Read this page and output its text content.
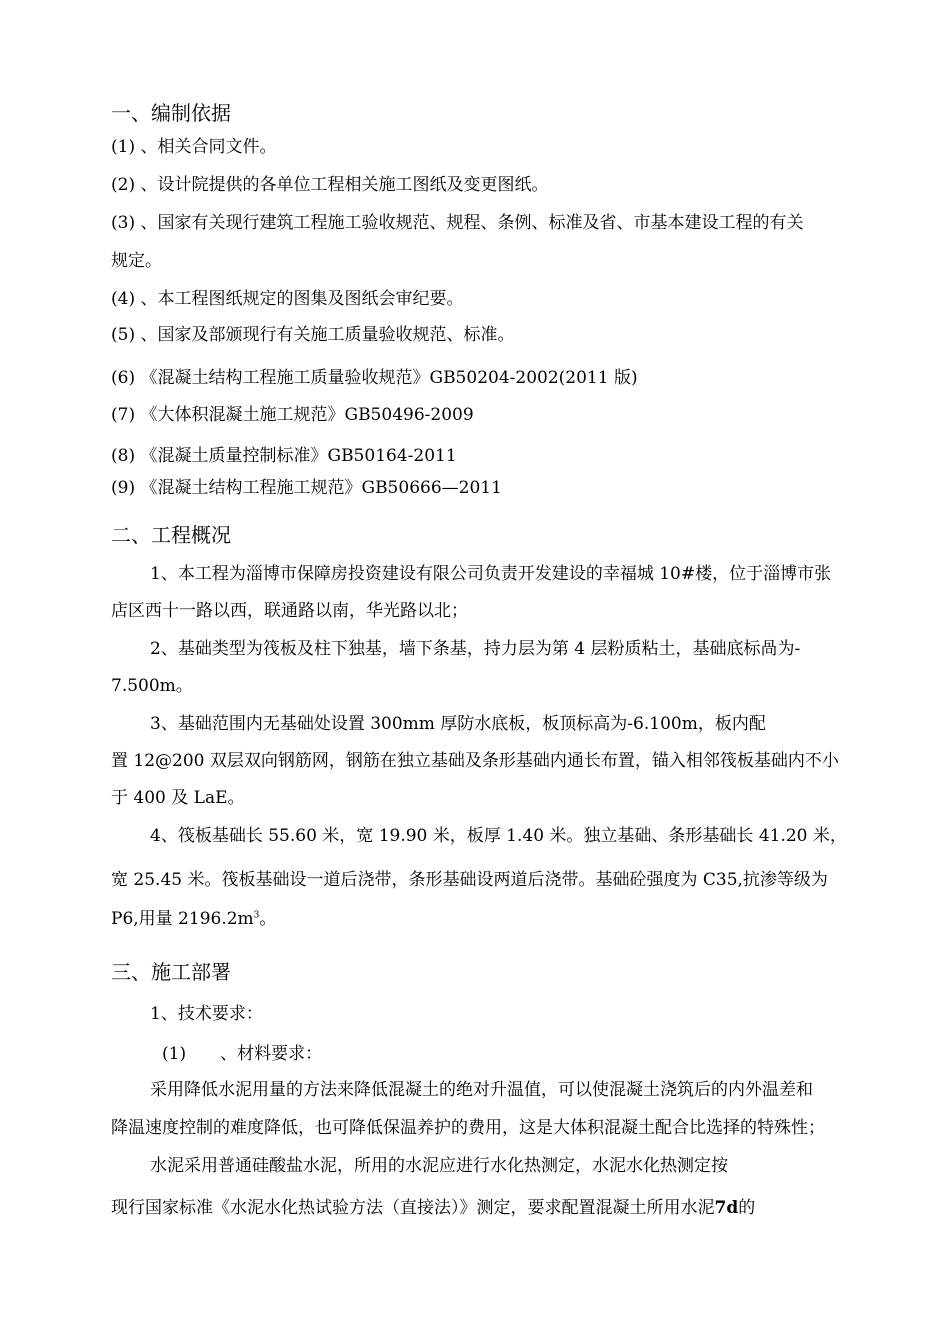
一、编制依据
(1) 、相关合同文件。
(2) 、设计院提供的各单位工程相关施工图纸及变更图纸。
(3) 、国家有关现行建筑工程施工验收规范、规程、条例、标准及省、市基本建设工程的有关
规定。
(4) 、本工程图纸规定的图集及图纸会审纪要。
(5) 、国家及部颁现行有关施工质量验收规范、标准。
(6) 《混凝土结构工程施工质量验收规范》GB50204-2002(2011 版)
(7) 《大体积混凝土施工规范》GB50496-2009
(8) 《混凝土质量控制标准》GB50164-2011
(9) 《混凝土结构工程施工规范》GB50666—2011
二、工程概况
1、本工程为淄博市保障房投资建设有限公司负责开发建设的幸福城 10#楼，位于淄博市张
店区西十一路以西，联通路以南，华光路以北；
2、基础类型为筏板及柱下独基，墙下条基，持力层为第 4 层粉质粘土，基础底标咼为-
7.500m。
3、基础范围内无基础处设置 300mm 厚防水底板，板顶标高为-6.100m，板内配
置 12@200 双层双向钢筋网，钢筋在独立基础及条形基础内通长布置，锚入相邻筏板基础内不小
于 400 及 LaE。
4、筏板基础长 55.60 米，宽 19.90 米，板厚 1.40 米。独立基础、条形基础长 41.20 米，
宽 25.45 米。筏板基础设一道后浇带，条形基础设两道后浇带。基础砼强度为 C35,抗渗等级为
P6,用量 $2196.2m^3$。
三、施工部署
1、技术要求：
(1)　　、材料要求：
采用降低水泥用量的方法来降低混凝土的绝对升温值，可以使混凝土浇筑后的内外温差和
降温速度控制的难度降低，也可降低保温养护的费用，这是大体积混凝土配合比选择的特殊性；
水泥采用普通硅酸盐水泥，所用的水泥应进行水化热测定，水泥水化热测定按
现行国家标准《水泥水化热试验方法（直接法）》测定，要求配置混凝土所用水泥7d的
